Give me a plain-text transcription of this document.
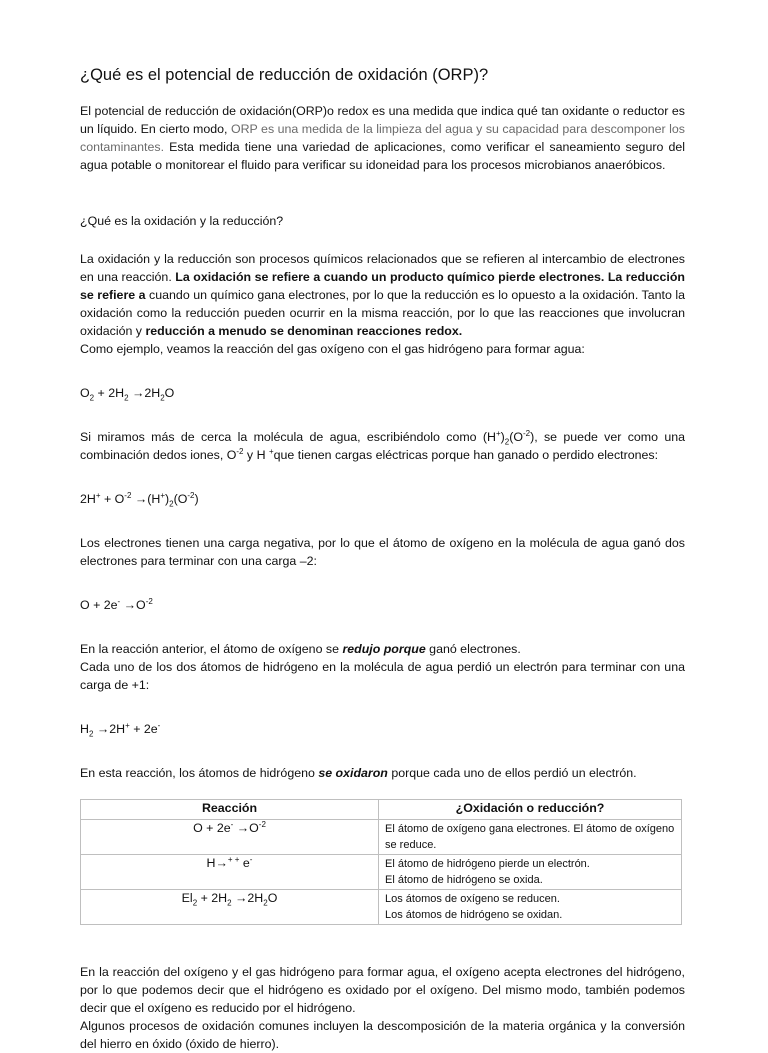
¿Qué es el potencial de reducción de oxidación (ORP)?

El potencial de reducción de oxidación(ORP)o redox es una medida que indica qué tan oxidante o reductor es un líquido. En cierto modo, ORP es una medida de la limpieza del agua y su capacidad para descomponer los contaminantes. Esta medida tiene una variedad de aplicaciones, como verificar el saneamiento seguro del agua potable o monitorear el fluido para verificar su idoneidad para los procesos microbianos anaeróbicos.

¿Qué es la oxidación y la reducción?

La oxidación y la reducción son procesos químicos relacionados que se refieren al intercambio de electrones en una reacción. La oxidación se refiere a cuando un producto químico pierde electrones. La reducción se refiere a cuando un químico gana electrones, por lo que la reducción es lo opuesto a la oxidación. Tanto la oxidación como la reducción pueden ocurrir en la misma reacción, por lo que las reacciones que involucran oxidación y reducción a menudo se denominan reacciones redox.

Como ejemplo, veamos la reacción del gas oxígeno con el gas hidrógeno para formar agua:

$O_2 + 2H_2 \to 2H_2O$

Si miramos más de cerca la molécula de agua, escribiéndolo como $(H^+)_2(O^{-2})$, se puede ver como una combinación dedos iones, $O^{-2}$ y H +que tienen cargas eléctricas porque han ganado o perdido electrones:

$2H^+ + O^{-2} \to(H^+)_2(O^{-2})$

Los electrones tienen una carga negativa, por lo que el átomo de oxígeno en la molécula de agua ganó dos electrones para terminar con una carga –2:

$O + 2e^- \to O^{-2}$

En la reacción anterior, el átomo de oxígeno se redujo porque ganó electrones.

Cada uno de los dos átomos de hidrógeno en la molécula de agua perdió un electrón para terminar con una carga de +1:

$H_2 \to 2H^+ + 2e^-$

En esta reacción, los átomos de hidrógeno se oxidaron porque cada uno de ellos perdió un electrón.

Reacción	¿Oxidación o reducción?
$O + 2e^- \to O^{-2}$	El átomo de oxígeno gana electrones. El átomo de oxígeno se reduce.

H→+ + e-	El átomo de hidrógeno pierde un electrón.
El átomo de hidrógeno se oxida.

$El_2 + 2H_2 \to 2H_2O$	Los átomos de oxígeno se reducen.
Los átomos de hidrógeno se oxidan.

En la reacción del oxígeno y el gas hidrógeno para formar agua, el oxígeno acepta electrones del hidrógeno, por lo que podemos decir que el hidrógeno es oxidado por el oxígeno. Del mismo modo, también podemos decir que el oxígeno es reducido por el hidrógeno.

Algunos procesos de oxidación comunes incluyen la descomposición de la materia orgánica y la conversión del hierro en óxido (óxido de hierro).
